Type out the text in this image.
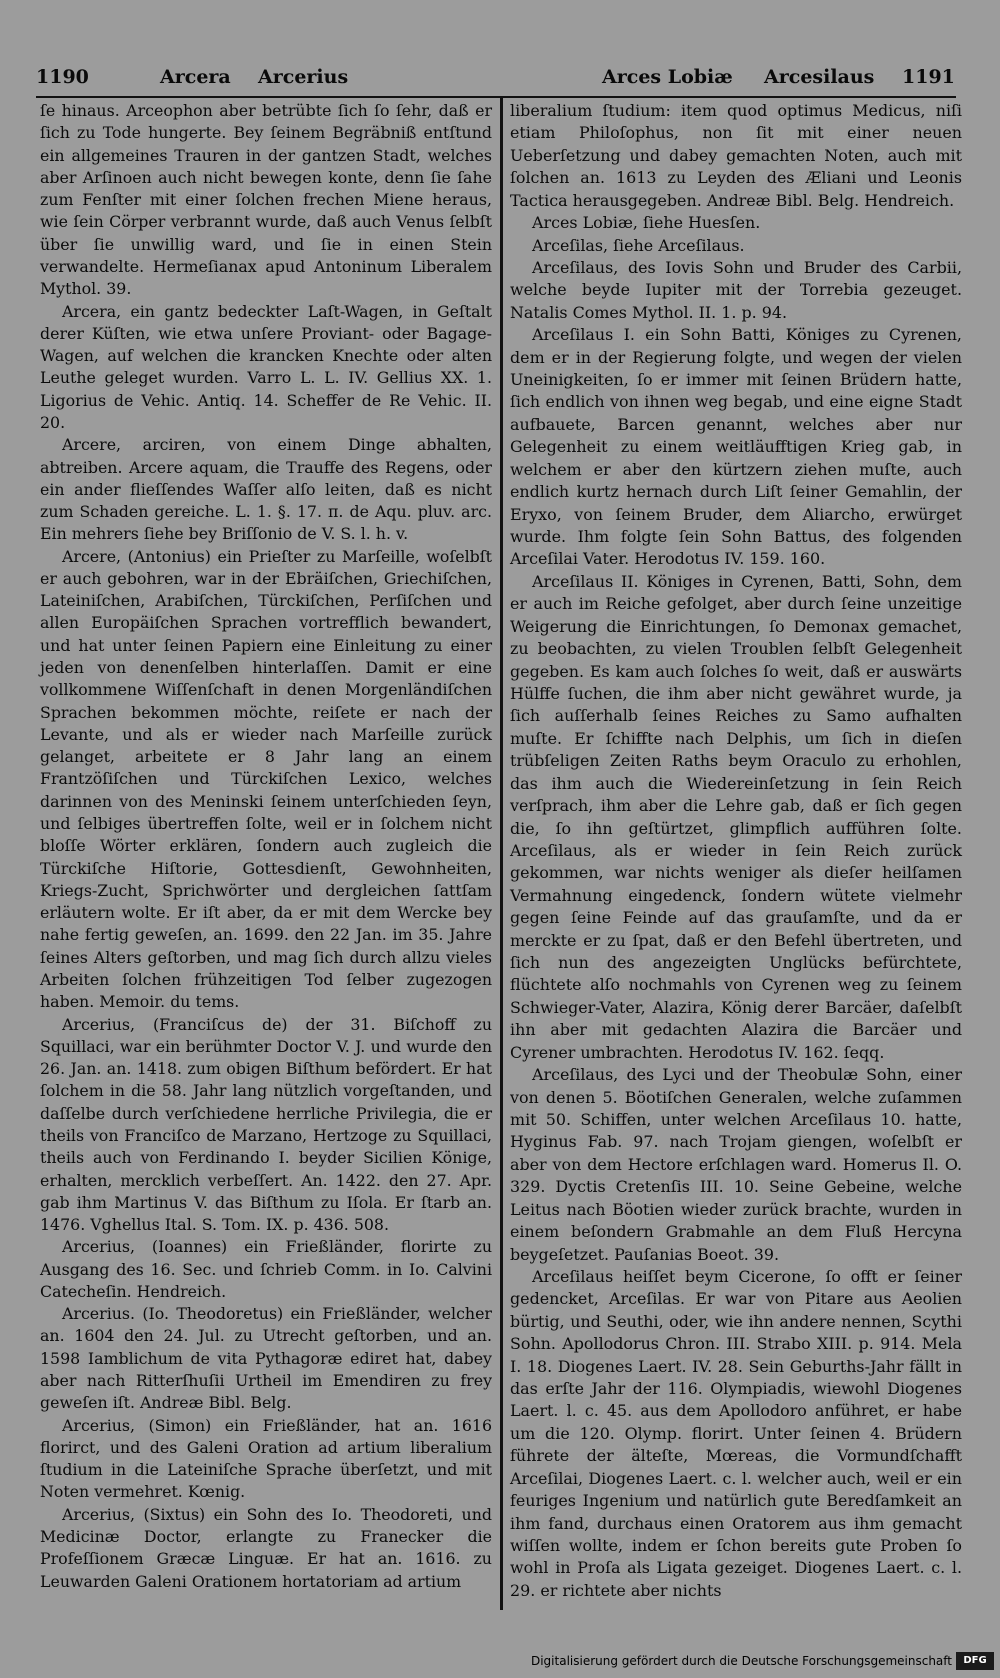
1190	Arcera Arcerius	Arces Lobiæ Arcesilaus 1191

ſe hinaus. Arceophon aber betrübte ſich ſo ſehr, daß er ſich zu Tode hungerte. Bey ſeinem Begräbniß entſtund ein allgemeines Trauren in der gantzen Stadt, welches aber Arſinoen auch nicht bewegen konte, denn ſie ſahe zum Fenſter mit einer ſolchen frechen Miene heraus, wie ſein Cörper verbrannt wurde, daß auch Venus ſelbſt über ſie unwillig ward, und ſie in einen Stein verwandelte. Hermeſianax apud Antoninum Liberalem Mythol. 39.

Arcera, ein gantz bedeckter Laſt-Wagen, in Geſtalt derer Küſten, wie etwa unſere Proviant- oder Bagage-Wagen, auf welchen die krancken Knechte oder alten Leuthe geleget wurden. Varro L. L. IV. Gellius XX. 1. Ligorius de Vehic. Antiq. 14. Scheffer de Re Vehic. II. 20.

Arcere, arciren, von einem Dinge abhalten, abtreiben. Arcere aquam, die Trauffe des Regens, oder ein ander flieſſendes Waſſer alſo leiten, daß es nicht zum Schaden gereiche. L. 1. §. 17. π. de Aqu. pluv. arc. Ein mehrers ſiehe bey Briſſonio de V. S. l. h. v.

Arcere, (Antonius) ein Prieſter zu Marſeille, woſelbſt er auch gebohren, war in der Ebräiſchen, Griechiſchen, Lateiniſchen, Arabiſchen, Türckiſchen, Perſiſchen und allen Europäiſchen Sprachen vortrefflich bewandert, und hat unter ſeinen Papiern eine Einleitung zu einer jeden von denenſelben hinterlaſſen. Damit er eine vollkommene Wiſſenſchaft in denen Morgenländiſchen Sprachen bekommen möchte, reiſete er nach der Levante, und als er wieder nach Marſeille zurück gelanget, arbeitete er 8 Jahr lang an einem Frantzöſiſchen und Türckiſchen Lexico, welches darinnen von des Meninski ſeinem unterſchieden ſeyn, und ſelbiges übertreffen ſolte, weil er in ſolchem nicht bloſſe Wörter erklären, ſondern auch zugleich die Türckiſche Hiſtorie, Gottesdienſt, Gewohnheiten, Kriegs-Zucht, Sprichwörter und dergleichen ſattſam erläutern wolte. Er iſt aber, da er mit dem Wercke bey nahe fertig geweſen, an. 1699. den 22 Jan. im 35. Jahre ſeines Alters geſtorben, und mag ſich durch allzu vieles Arbeiten ſolchen frühzeitigen Tod ſelber zugezogen haben. Memoir. du tems.

Arcerius, (Franciſcus de) der 31. Biſchoff zu Squillaci, war ein berühmter Doctor V. J. und wurde den 26. Jan. an. 1418. zum obigen Biſthum befördert. Er hat ſolchem in die 58. Jahr lang nützlich vorgeſtanden, und daſſelbe durch verſchiedene herrliche Privilegia, die er theils von Franciſco de Marzano, Hertzoge zu Squillaci, theils auch von Ferdinando I. beyder Sicilien Könige, erhalten, mercklich verbeſſert. An. 1422. den 27. Apr. gab ihm Martinus V. das Biſthum zu Iſola. Er ſtarb an. 1476. Vghellus Ital. S. Tom. IX. p. 436. 508.

Arcerius, (Ioannes) ein Frießländer, florirte zu Ausgang des 16. Sec. und ſchrieb Comm. in Io. Calvini Catecheſin. Hendreich.

Arcerius. (Io. Theodoretus) ein Frießländer, welcher an. 1604 den 24. Jul. zu Utrecht geſtorben, und an. 1598 Iamblichum de vita Pythagoræ ediret hat, dabey aber nach Ritterſhuſii Urtheil im Emendiren zu frey geweſen iſt. Andreæ Bibl. Belg.

Arcerius, (Simon) ein Frießländer, hat an. 1616 florirct, und des Galeni Oration ad artium liberalium ſtudium in die Lateiniſche Sprache überſetzt, und mit Noten vermehret. Kœnig.

Arcerius, (Sixtus) ein Sohn des Io. Theodoreti, und Medicinæ Doctor, erlangte zu Franecker die Profeſſionem Græcæ Linguæ. Er hat an. 1616. zu Leuwarden Galeni Orationem hortatoriam ad artium

liberalium ſtudium: item quod optimus Medicus, niſi etiam Philoſophus, non ſit mit einer neuen Ueberſetzung und dabey gemachten Noten, auch mit ſolchen an. 1613 zu Leyden des Æliani und Leonis Tactica herausgegeben. Andreæ Bibl. Belg. Hendreich.

Arces Lobiæ, ſiehe Huesſen.

Arceſilas, ſiehe Arceſilaus.

Arceſilaus, des Iovis Sohn und Bruder des Carbii, welche beyde Iupiter mit der Torrebia gezeuget. Natalis Comes Mythol. II. 1. p. 94.

Arceſilaus I. ein Sohn Batti, Königes zu Cyrenen, dem er in der Regierung folgte, und wegen der vielen Uneinigkeiten, ſo er immer mit ſeinen Brüdern hatte, ſich endlich von ihnen weg begab, und eine eigne Stadt aufbauete, Barcen genannt, welches aber nur Gelegenheit zu einem weitläufftigen Krieg gab, in welchem er aber den kürtzern ziehen muſte, auch endlich kurtz hernach durch Liſt ſeiner Gemahlin, der Eryxo, von ſeinem Bruder, dem Aliarcho, erwürget wurde. Ihm folgte ſein Sohn Battus, des folgenden Arceſilai Vater. Herodotus IV. 159. 160.

Arceſilaus II. Königes in Cyrenen, Batti, Sohn, dem er auch im Reiche gefolget, aber durch ſeine unzeitige Weigerung die Einrichtungen, ſo Demonax gemachet, zu beobachten, zu vielen Troublen ſelbſt Gelegenheit gegeben. Es kam auch ſolches ſo weit, daß er auswärts Hülffe ſuchen, die ihm aber nicht gewähret wurde, ja ſich auſſerhalb ſeines Reiches zu Samo aufhalten muſte. Er ſchiffte nach Delphis, um ſich in dieſen trübſeligen Zeiten Raths beym Oraculo zu erhohlen, das ihm auch die Wiedereinſetzung in ſein Reich verſprach, ihm aber die Lehre gab, daß er ſich gegen die, ſo ihn geſtürtzet, glimpflich aufführen ſolte. Arceſilaus, als er wieder in ſein Reich zurück gekommen, war nichts weniger als dieſer heilſamen Vermahnung eingedenck, ſondern wütete vielmehr gegen ſeine Feinde auf das grauſamſte, und da er merckte er zu ſpat, daß er den Befehl übertreten, und ſich nun des angezeigten Unglücks befürchtete, flüchtete alſo nochmahls von Cyrenen weg zu ſeinem Schwieger-Vater, Alazira, König derer Barcäer, daſelbſt ihn aber mit gedachten Alazira die Barcäer und Cyrener umbrachten. Herodotus IV. 162. ſeqq.

Arceſilaus, des Lyci und der Theobulæ Sohn, einer von denen 5. Böotiſchen Generalen, welche zuſammen mit 50. Schiffen, unter welchen Arceſilaus 10. hatte, Hyginus Fab. 97. nach Trojam giengen, woſelbſt er aber von dem Hectore erſchlagen ward. Homerus Il. O. 329. Dyctis Cretenſis III. 10. Seine Gebeine, welche Leitus nach Böotien wieder zurück brachte, wurden in einem beſondern Grabmahle an dem Fluß Hercyna beygeſetzet. Pauſanias Boeot. 39.

Arceſilaus heiſſet beym Cicerone, ſo offt er ſeiner gedencket, Arceſilas. Er war von Pitare aus Aeolien bürtig, und Seuthi, oder, wie ihn andere nennen, Scythi Sohn. Apollodorus Chron. III. Strabo XIII. p. 914. Mela I. 18. Diogenes Laert. IV. 28. Sein Geburths-Jahr fällt in das erſte Jahr der 116. Olympiadis, wiewohl Diogenes Laert. l. c. 45. aus dem Apollodoro anführet, er habe um die 120. Olymp. florirt. Unter ſeinen 4. Brüdern führete der älteſte, Mœreas, die Vormundſchafft Arceſilai, Diogenes Laert. c. l. welcher auch, weil er ein feuriges Ingenium und natürlich gute Beredſamkeit an ihm fand, durchaus einen Oratorem aus ihm gemacht wiſſen wollte, indem er ſchon bereits gute Proben ſo wohl in Proſa als Ligata gezeiget. Diogenes Laert. c. l. 29. er richtete aber nichts

Digitalisierung gefördert durch die Deutsche Forschungsgemeinschaft	DFG
